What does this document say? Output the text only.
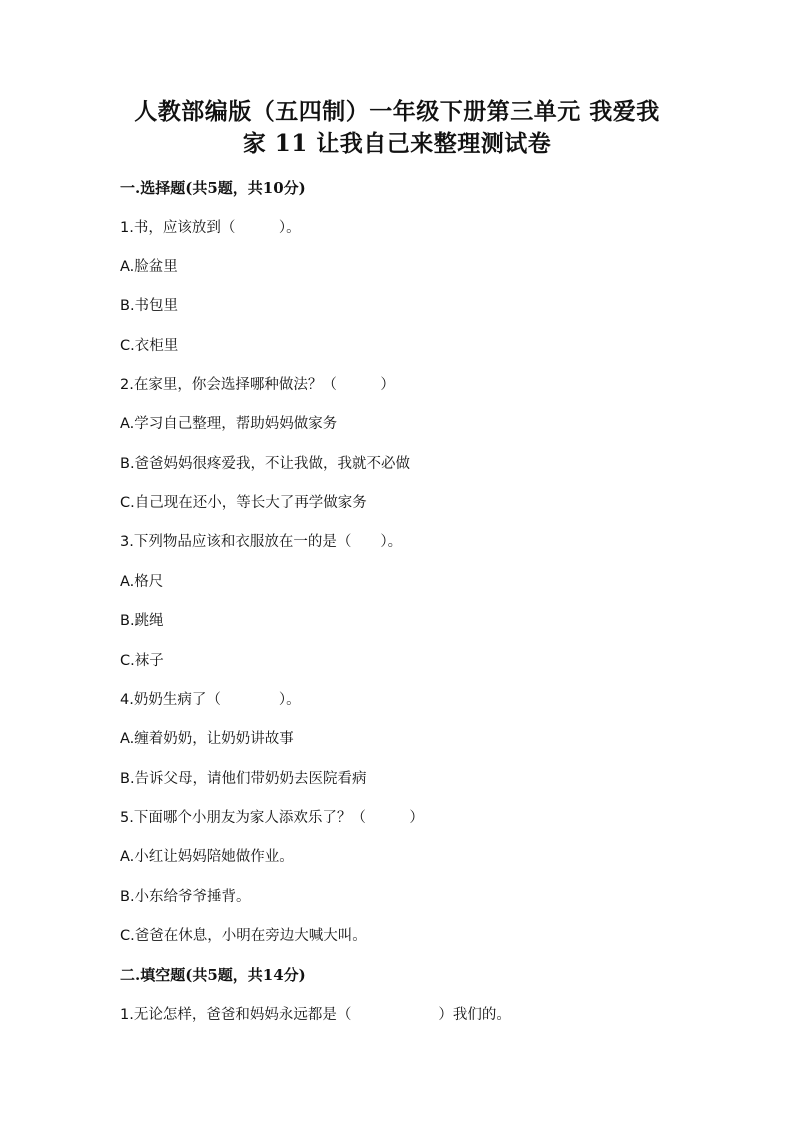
人教部编版（五四制）一年级下册第三单元 我爱我
家 11 让我自己来整理测试卷
一.选择题(共5题，共10分)
1.书，应该放到（　　　）。
A.脸盆里
B.书包里
C.衣柜里
2.在家里，你会选择哪种做法？（　　　）
A.学习自己整理，帮助妈妈做家务
B.爸爸妈妈很疼爱我，不让我做，我就不必做
C.自己现在还小，等长大了再学做家务
3.下列物品应该和衣服放在一的是（　　）。
A.格尺
B.跳绳
C.袜子
4.奶奶生病了（　　　　）。
A.缠着奶奶，让奶奶讲故事
B.告诉父母，请他们带奶奶去医院看病
5.下面哪个小朋友为家人添欢乐了？（　　　）
A.小红让妈妈陪她做作业。
B.小东给爷爷捶背。
C.爸爸在休息，小明在旁边大喊大叫。
二.填空题(共5题，共14分)
1.无论怎样，爸爸和妈妈永远都是（　　　　　　）我们的。
